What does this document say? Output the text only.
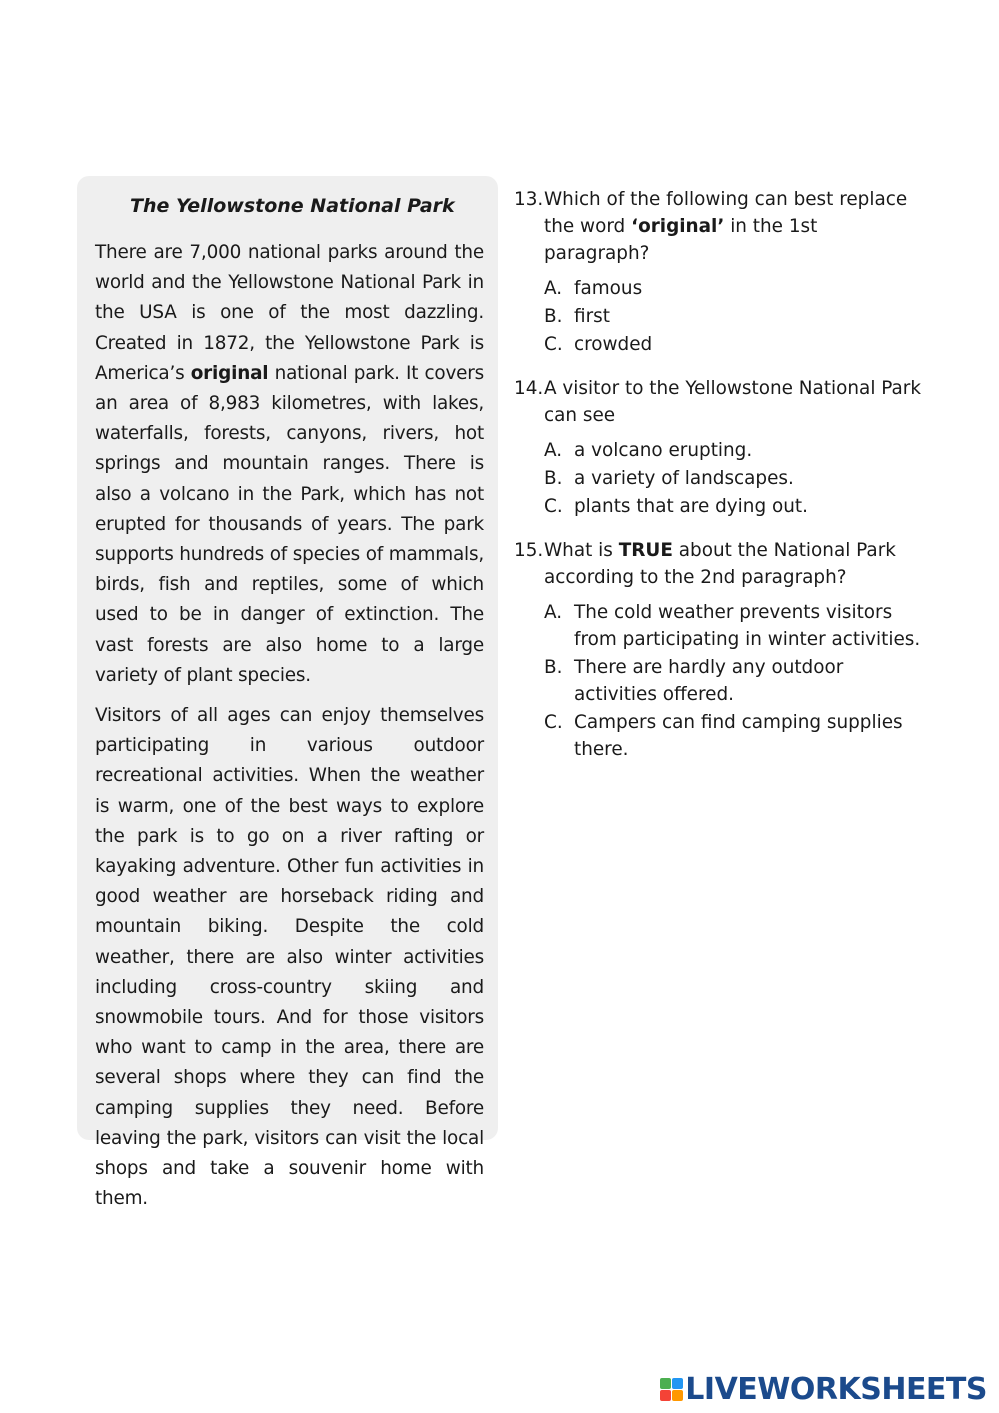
The Yellowstone National Park

There are 7,000 national parks around the world and the Yellowstone National Park in the USA is one of the most dazzling. Created in 1872, the Yellowstone Park is America’s original national park. It covers an area of 8,983 kilometres, with lakes, waterfalls, forests, canyons, rivers, hot springs and mountain ranges. There is also a volcano in the Park, which has not erupted for thousands of years. The park supports hundreds of species of mammals, birds, fish and reptiles, some of which used to be in danger of extinction. The vast forests are also home to a large variety of plant species.

Visitors of all ages can enjoy themselves participating in various outdoor recreational activities. When the weather is warm, one of the best ways to explore the park is to go on a river rafting or kayaking adventure. Other fun activities in good weather are horseback riding and mountain biking. Despite the cold weather, there are also winter activities including cross-country skiing and snowmobile tours. And for those visitors who want to camp in the area, there are several shops where they can find the camping supplies they need. Before leaving the park, visitors can visit the local shops and take a souvenir home with them.

13. Which of the following can best replace the word ‘original’ in the 1st paragraph?
A. famous
B. first
C. crowded
14. A visitor to the Yellowstone National Park can see
A. a volcano erupting.
B. a variety of landscapes.
C. plants that are dying out.
15. What is TRUE about the National Park according to the 2nd paragraph?
A. The cold weather prevents visitors from participating in winter activities.
B. There are hardly any outdoor activities offered.
C. Campers can find camping supplies there.
LIVEWORKSHEETS
